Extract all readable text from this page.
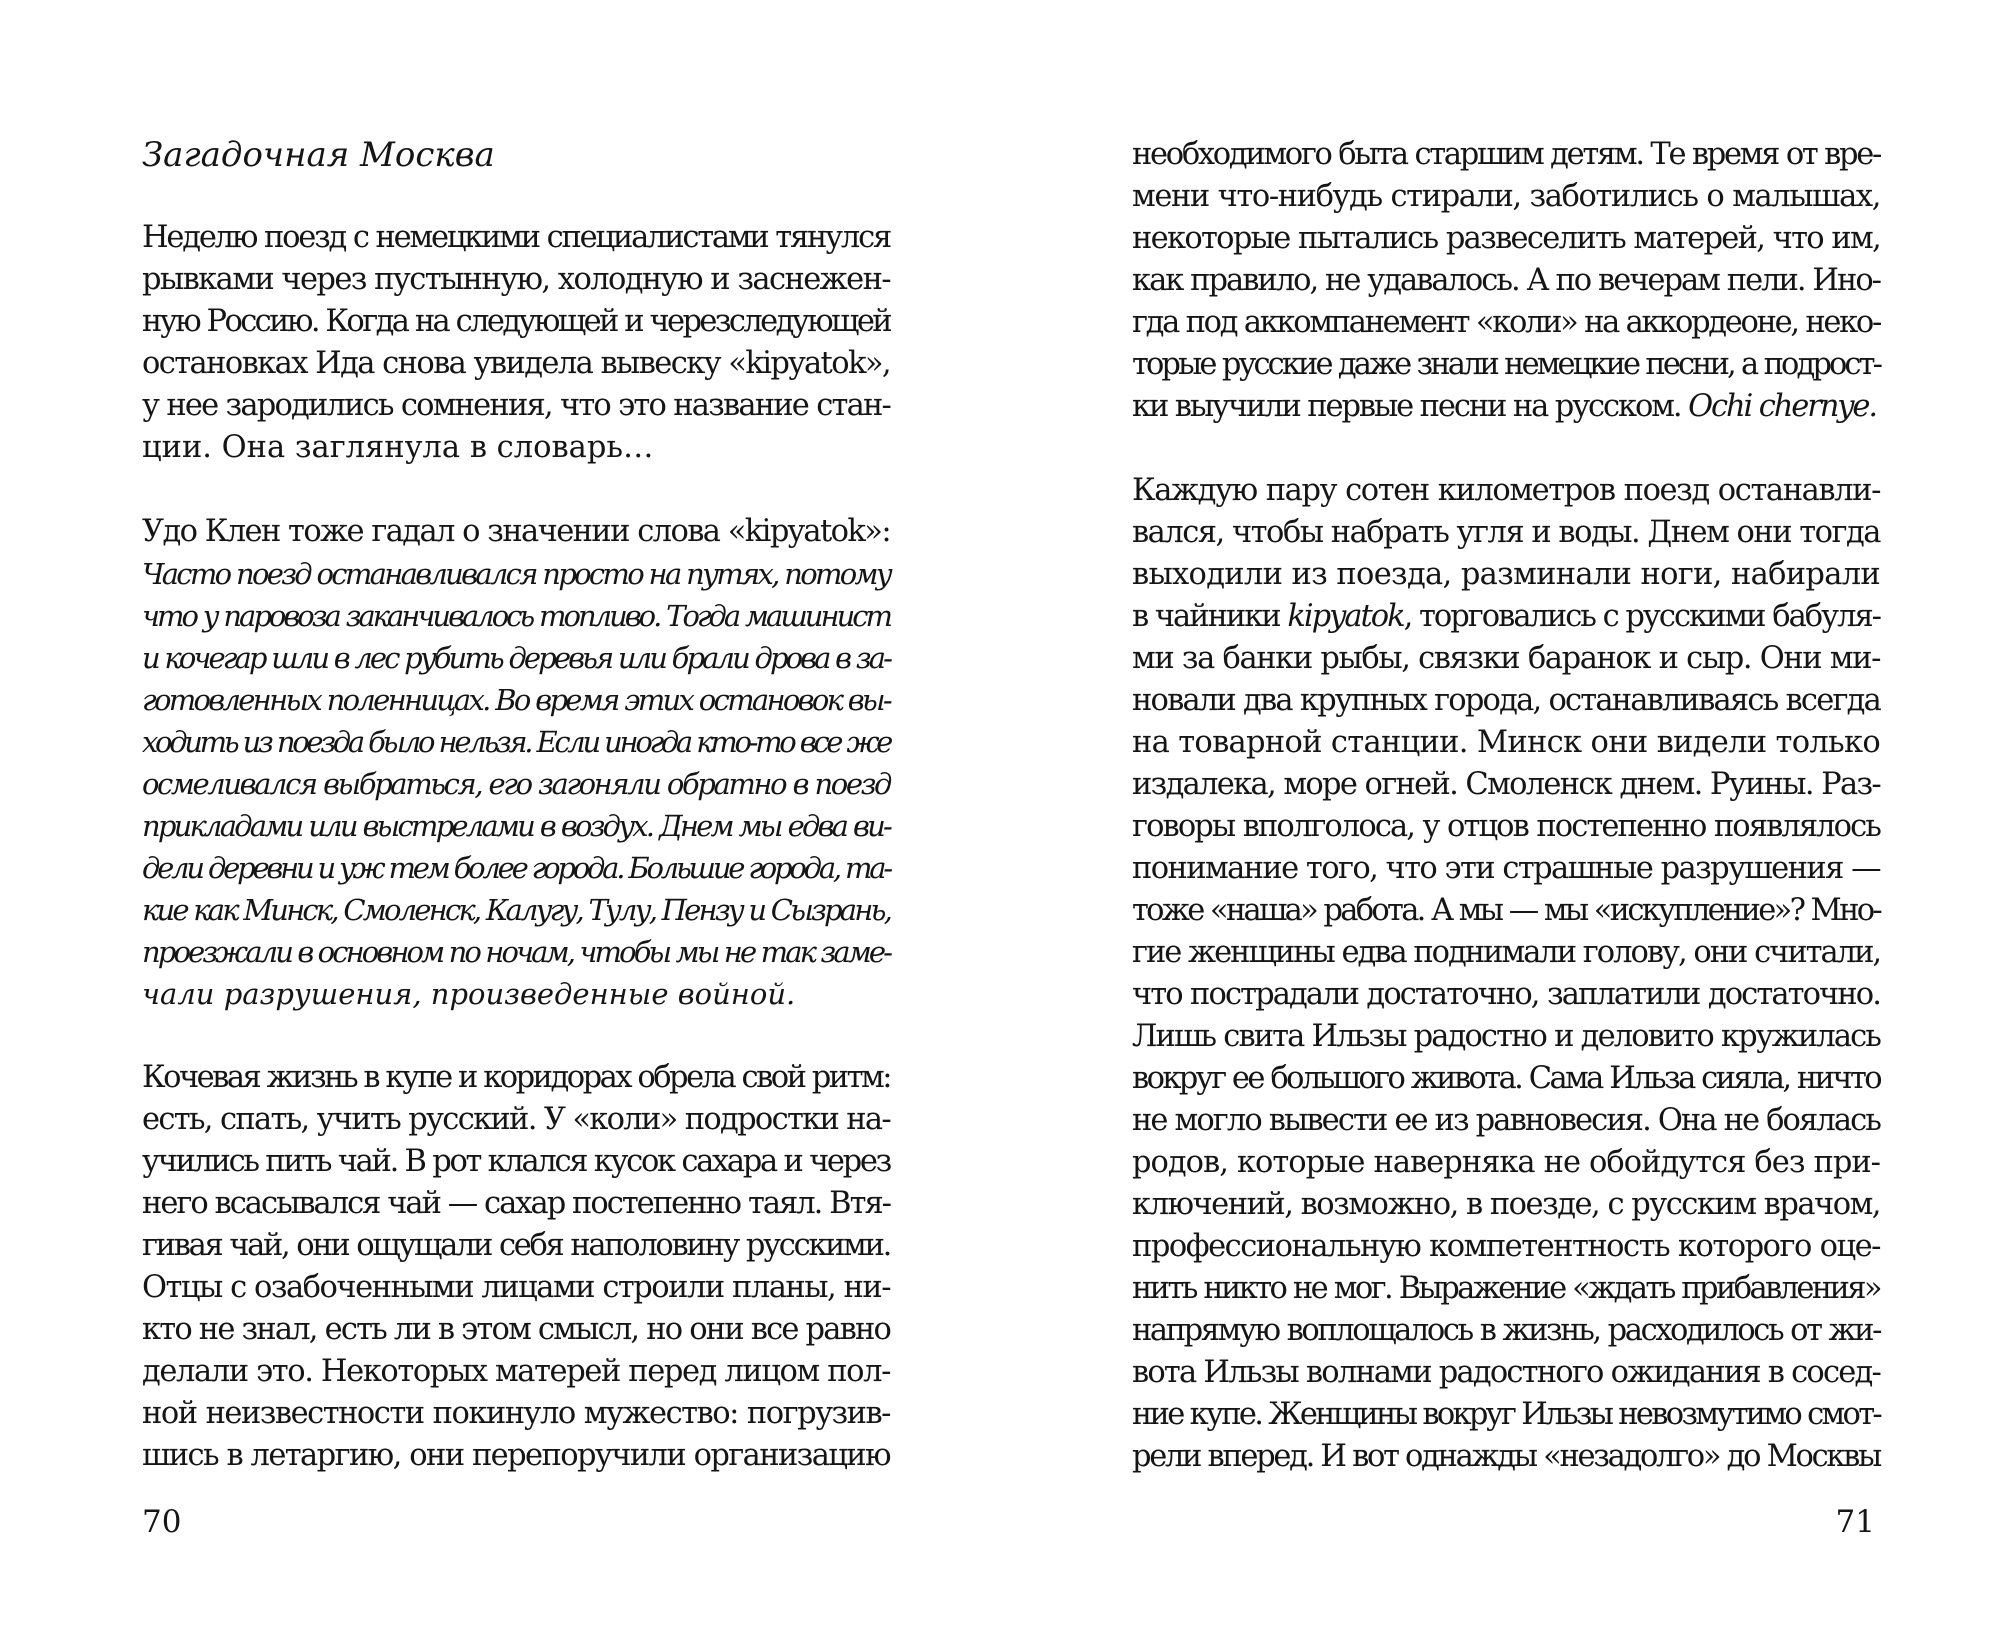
Загадочная Москва

Неделю поезд с немецкими специалистами тянулся
рывками через пустынную, холодную и заснежен-
ную Россию. Когда на следующей и черезследующей
остановках Ида снова увидела вывеску «kipyatok»,
у нее зародились сомнения, что это название стан-
ции. Она заглянула в словарь…

Удо Клен тоже гадал о значении слова «kipyatok»:
Часто поезд останавливался просто на путях, потому
что у паровоза заканчивалось топливо. Тогда машинист
и кочегар шли в лес рубить деревья или брали дрова в за-
готовленных поленницах. Во время этих остановок вы-
ходить из поезда было нельзя. Если иногда кто-то все же
осмеливался выбраться, его загоняли обратно в поезд
прикладами или выстрелами в воздух. Днем мы едва ви-
дели деревни и уж тем более города. Большие города, та-
кие как Минск, Смоленск, Калугу, Тулу, Пензу и Сызрань,
проезжали в основном по ночам, чтобы мы не так заме-
чали разрушения, произведенные войной.

Кочевая жизнь в купе и коридорах обрела свой ритм:
есть, спать, учить русский. У «коли» подростки на-
учились пить чай. В рот клался кусок сахара и через
него всасывался чай — сахар постепенно таял. Втя-
гивая чай, они ощущали себя наполовину русскими.
Отцы с озабоченными лицами строили планы, ни-
кто не знал, есть ли в этом смысл, но они все равно
делали это. Некоторых матерей перед лицом пол-
ной неизвестности покинуло мужество: погрузив-
шись в летаргию, они перепоручили организацию

70

необходимого быта старшим детям. Те время от вре-
мени что-нибудь стирали, заботились о малышах,
некоторые пытались развеселить матерей, что им,
как правило, не удавалось. А по вечерам пели. Ино-
гда под аккомпанемент «коли» на аккордеоне, неко-
торые русские даже знали немецкие песни, а подрост-
ки выучили первые песни на русском. Ochi chernye.

Каждую пару сотен километров поезд останавли-
вался, чтобы набрать угля и воды. Днем они тогда
выходили из поезда, разминали ноги, набирали
в чайники kipyatok, торговались с русскими бабуля-
ми за банки рыбы, связки баранок и сыр. Они ми-
новали два крупных города, останавливаясь всегда
на товарной станции. Минск они видели только
издалека, море огней. Смоленск днем. Руины. Раз-
говоры вполголоса, у отцов постепенно появлялось
понимание того, что эти страшные разрушения —
тоже «наша» работа. А мы — мы «искупление»? Мно-
гие женщины едва поднимали голову, они считали,
что пострадали достаточно, заплатили достаточно.
Лишь свита Ильзы радостно и деловито кружилась
вокруг ее большого живота. Сама Ильза сияла, ничто
не могло вывести ее из равновесия. Она не боялась
родов, которые наверняка не обойдутся без при-
ключений, возможно, в поезде, с русским врачом,
профессиональную компетентность которого оце-
нить никто не мог. Выражение «ждать прибавления»
напрямую воплощалось в жизнь, расходилось от жи-
вота Ильзы волнами радостного ожидания в сосед-
ние купе. Женщины вокруг Ильзы невозмутимо смот-
рели вперед. И вот однажды «незадолго» до Москвы

71
